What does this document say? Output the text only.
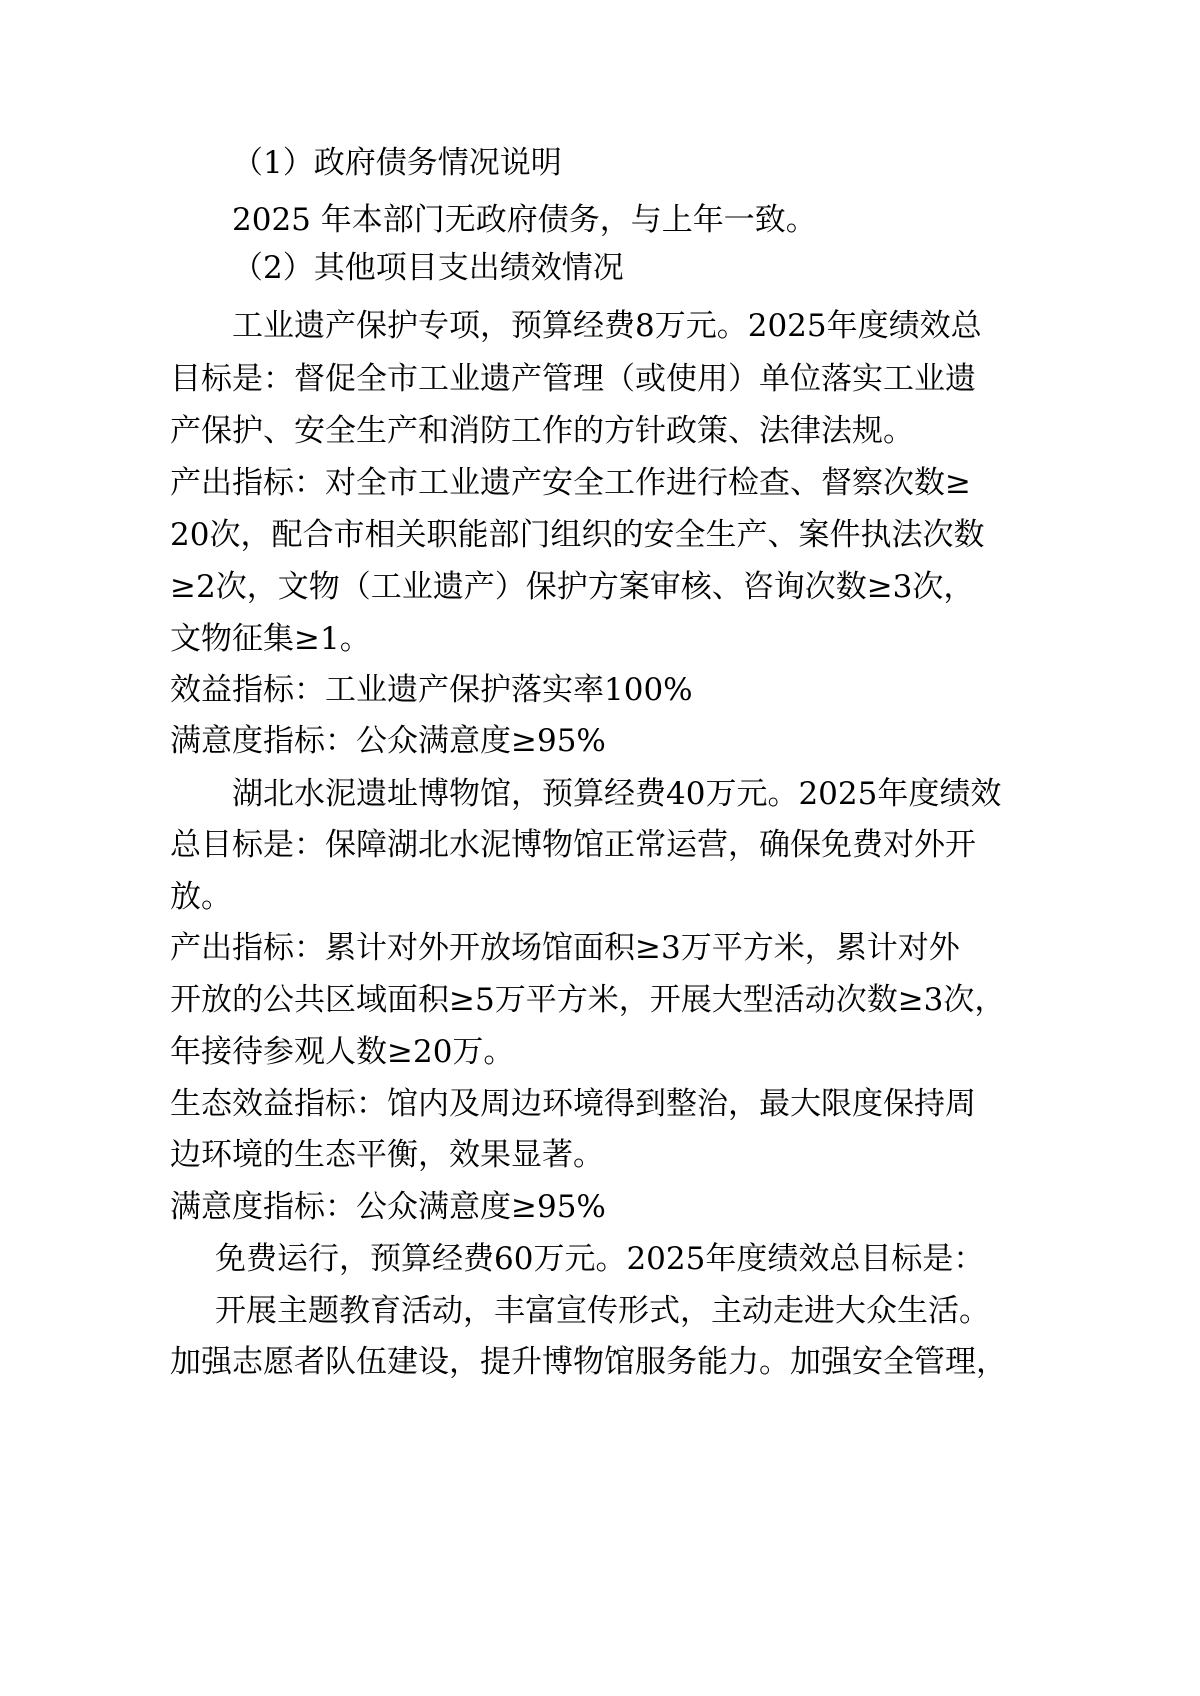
（1）政府债务情况说明

2025 年本部门无政府债务，与上年一致。

（2）其他项目支出绩效情况

工业遗产保护专项，预算经费8万元。2025年度绩效总

目标是：督促全市工业遗产管理（或使用）单位落实工业遗

产保护、安全生产和消防工作的方针政策、法律法规。

产出指标：对全市工业遗产安全工作进行检查、督察次数≥

20次，配合市相关职能部门组织的安全生产、案件执法次数

≥2次，文物（工业遗产）保护方案审核、咨询次数≥3次，

文物征集≥1。

效益指标：工业遗产保护落实率100%

满意度指标：公众满意度≥95%

湖北水泥遗址博物馆，预算经费40万元。2025年度绩效

总目标是：保障湖北水泥博物馆正常运营，确保免费对外开

放。

产出指标：累计对外开放场馆面积≥3万平方米，累计对外

开放的公共区域面积≥5万平方米，开展大型活动次数≥3次，

年接待参观人数≥20万。

生态效益指标：馆内及周边环境得到整治，最大限度保持周

边环境的生态平衡，效果显著。

满意度指标：公众满意度≥95%

免费运行，预算经费60万元。2025年度绩效总目标是：

开展主题教育活动，丰富宣传形式，主动走进大众生活。

加强志愿者队伍建设，提升博物馆服务能力。加强安全管理，
